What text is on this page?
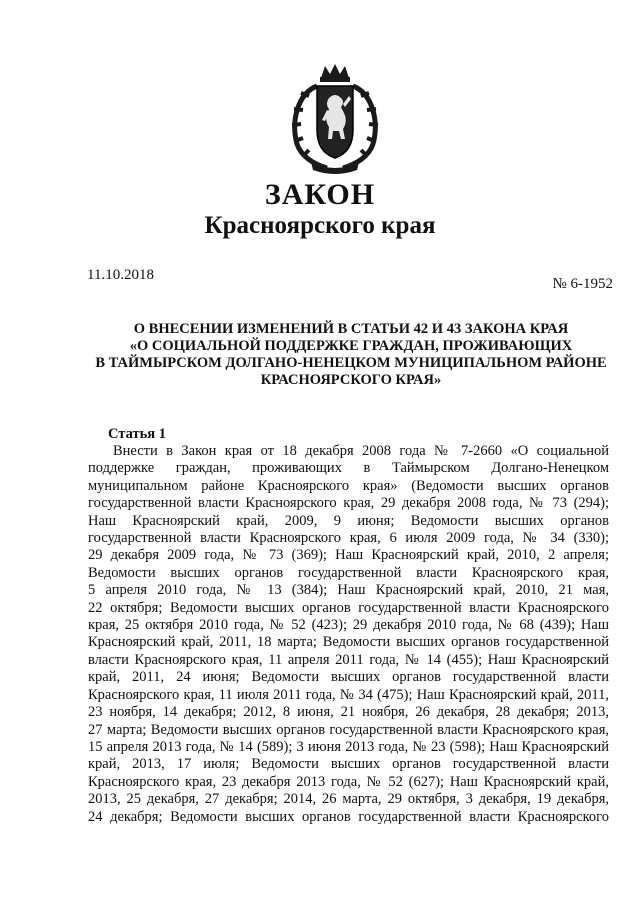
ЗАКОН
Красноярского края
11.10.2018
№ 6-1952
О ВНЕСЕНИИ ИЗМЕНЕНИЙ В СТАТЬИ 42 И 43 ЗАКОНА КРАЯ
«О СОЦИАЛЬНОЙ ПОДДЕРЖКЕ ГРАЖДАН, ПРОЖИВАЮЩИХ
В ТАЙМЫРСКОМ ДОЛГАНО-НЕНЕЦКОМ МУНИЦИПАЛЬНОМ РАЙОНЕ
КРАСНОЯРСКОГО КРАЯ»
Статья 1
Внести в Закон края от 18 декабря 2008 года № 7-2660 «О социальной
поддержке граждан, проживающих в Таймырском Долгано-Ненецком
муниципальном районе Красноярского края» (Ведомости высших органов
государственной власти Красноярского края, 29 декабря 2008 года, № 73 (294);
Наш Красноярский край, 2009, 9 июня; Ведомости высших органов
государственной власти Красноярского края, 6 июля 2009 года, № 34 (330);
29 декабря 2009 года, № 73 (369); Наш Красноярский край, 2010, 2 апреля;
Ведомости высших органов государственной власти Красноярского края,
5 апреля 2010 года, № 13 (384); Наш Красноярский край, 2010, 21 мая,
22 октября; Ведомости высших органов государственной власти Красноярского
края, 25 октября 2010 года, № 52 (423); 29 декабря 2010 года, № 68 (439); Наш
Красноярский край, 2011, 18 марта; Ведомости высших органов государственной
власти Красноярского края, 11 апреля 2011 года, № 14 (455); Наш Красноярский
край, 2011, 24 июня; Ведомости высших органов государственной власти
Красноярского края, 11 июля 2011 года, № 34 (475); Наш Красноярский край, 2011,
23 ноября, 14 декабря; 2012, 8 июня, 21 ноября, 26 декабря, 28 декабря; 2013,
27 марта; Ведомости высших органов государственной власти Красноярского края,
15 апреля 2013 года, № 14 (589); 3 июня 2013 года, № 23 (598); Наш Красноярский
край, 2013, 17 июля; Ведомости высших органов государственной власти
Красноярского края, 23 декабря 2013 года, № 52 (627); Наш Красноярский край,
2013, 25 декабря, 27 декабря; 2014, 26 марта, 29 октября, 3 декабря, 19 декабря,
24 декабря; Ведомости высших органов государственной власти Красноярского
